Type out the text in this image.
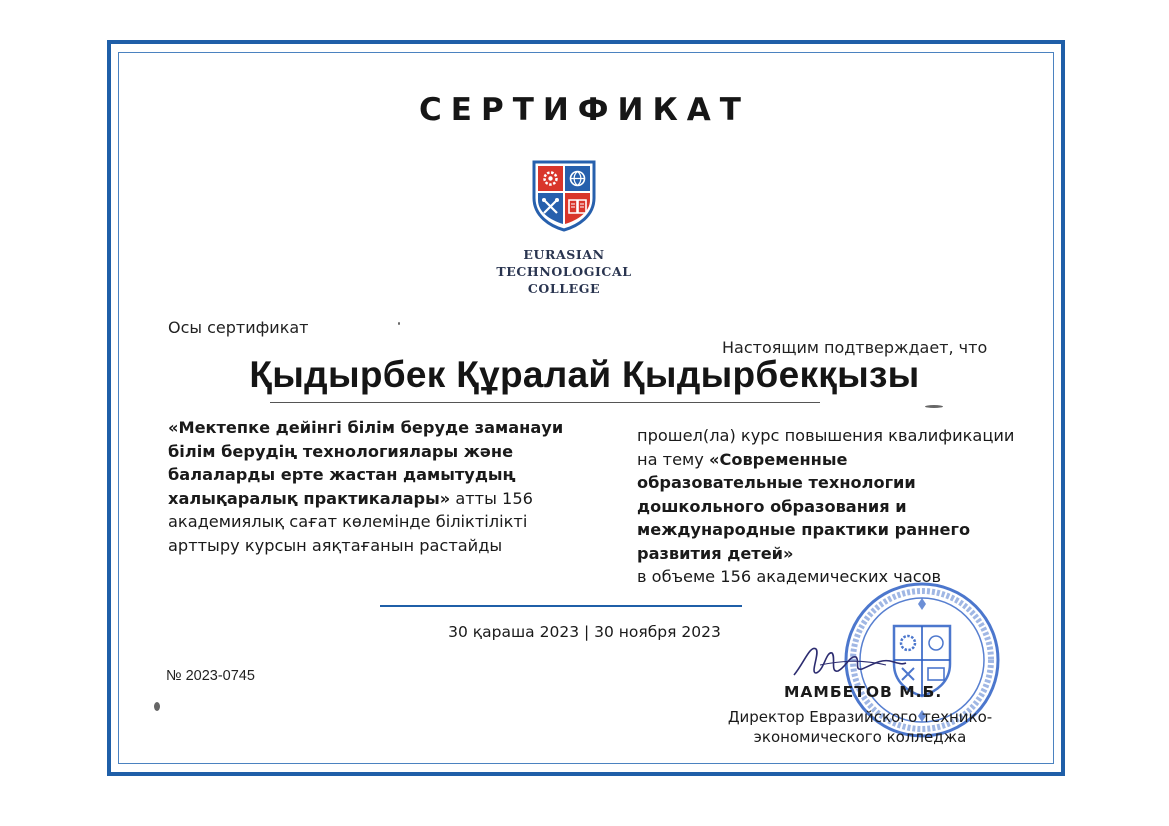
СЕРТИФИКАТ
EURASIAN
TECHNOLOGICAL
COLLEGE
Осы сертификат
Настоящим подтверждает, что
Қыдырбек Құралай Қыдырбекқызы
«Мектепке дейінгі білім беруде заманауи білім берудің технологиялары және балаларды ерте жастан дамытудың халықаралық практикалары» атты 156 академиялық сағат көлемінде біліктілікті арттыру курсын аяқтағанын растайды
прошел(ла) курс повышения квалификации на тему «Современные образовательные технологии дошкольного образования и международные практики раннего развития детей»
в объеме 156 академических часов
30 қараша 2023 | 30 ноября 2023
№ 2023-0745
МАМБЕТОВ М.Б.
Директор Евразийского технико-
экономического колледжа
